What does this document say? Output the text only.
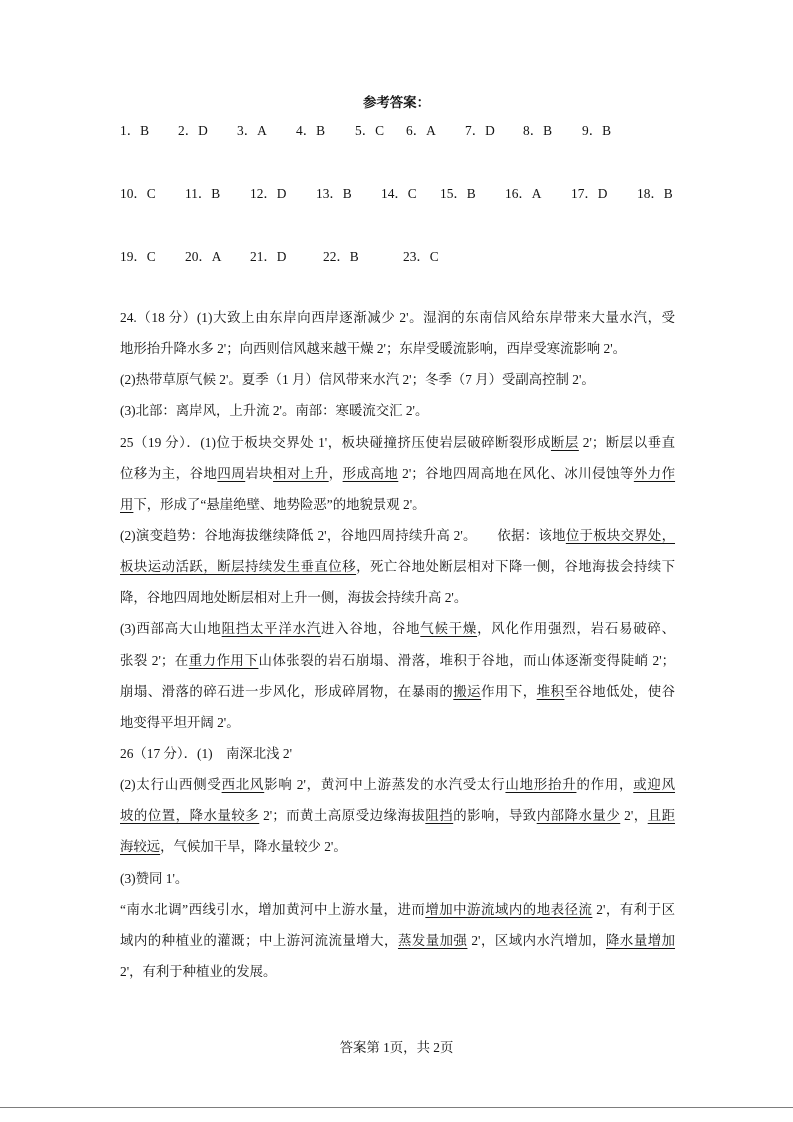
参考答案：
1．B 2．D 3．A 4．B 5．C 6．A 7．D 8．B 9．B
10．C 11．B 12．D 13．B 14．C 15．B 16．A 17．D 18．B
19．C 20．A 21．D	22．B	23．C
24.（18 分）(1)大致上由东岸向西岸逐渐减少 2'。湿润的东南信风给东岸带来大量水汽，受
地形抬升降水多 2'；向西则信风越来越干燥 2'；东岸受暖流影响，西岸受寒流影响 2'。
(2)热带草原气候 2'。夏季（1 月）信风带来水汽 2'；冬季（7 月）受副高控制 2'。
(3)北部：离岸风，上升流 2'。南部：寒暖流交汇 2'。
25（19 分）．(1)位于板块交界处 1'，板块碰撞挤压使岩层破碎断裂形成断层 2'；断层以垂直
位移为主，谷地四周岩块相对上升，形成高地 2'；谷地四周高地在风化、冰川侵蚀等外力作
用下，形成了“悬崖绝壁、地势险恶”的地貌景观 2'。
(2)演变趋势：谷地海拔继续降低 2'，谷地四周持续升高 2'。　　依据：该地位于板块交界处，
板块运动活跃，断层持续发生垂直位移，死亡谷地处断层相对下降一侧，谷地海拔会持续下
降，谷地四周地处断层相对上升一侧，海拔会持续升高 2'。
(3)西部高大山地阻挡太平洋水汽进入谷地，谷地气候干燥，风化作用强烈，岩石易破碎、
张裂 2'；在重力作用下山体张裂的岩石崩塌、滑落，堆积于谷地，而山体逐渐变得陡峭 2'；
崩塌、滑落的碎石进一步风化，形成碎屑物，在暴雨的搬运作用下，堆积至谷地低处，使谷
地变得平坦开阔 2'。
26（17 分）．(1)　南深北浅 2'
(2)太行山西侧受西北风影响 2'，黄河中上游蒸发的水汽受太行山地形抬升的作用，或迎风
坡的位置，降水量较多 2'；而黄土高原受边缘海拔阻挡的影响，导致内部降水量少 2'，且距
海较远，气候加干旱，降水量较少 2'。
(3)赞同 1'。
“南水北调”西线引水，增加黄河中上游水量，进而增加中游流域内的地表径流 2'，有利于区
域内的种植业的灌溉；中上游河流流量增大，蒸发量加强 2'，区域内水汽增加，降水量增加
2'，有利于种植业的发展。
答案第 1页，共 2页
